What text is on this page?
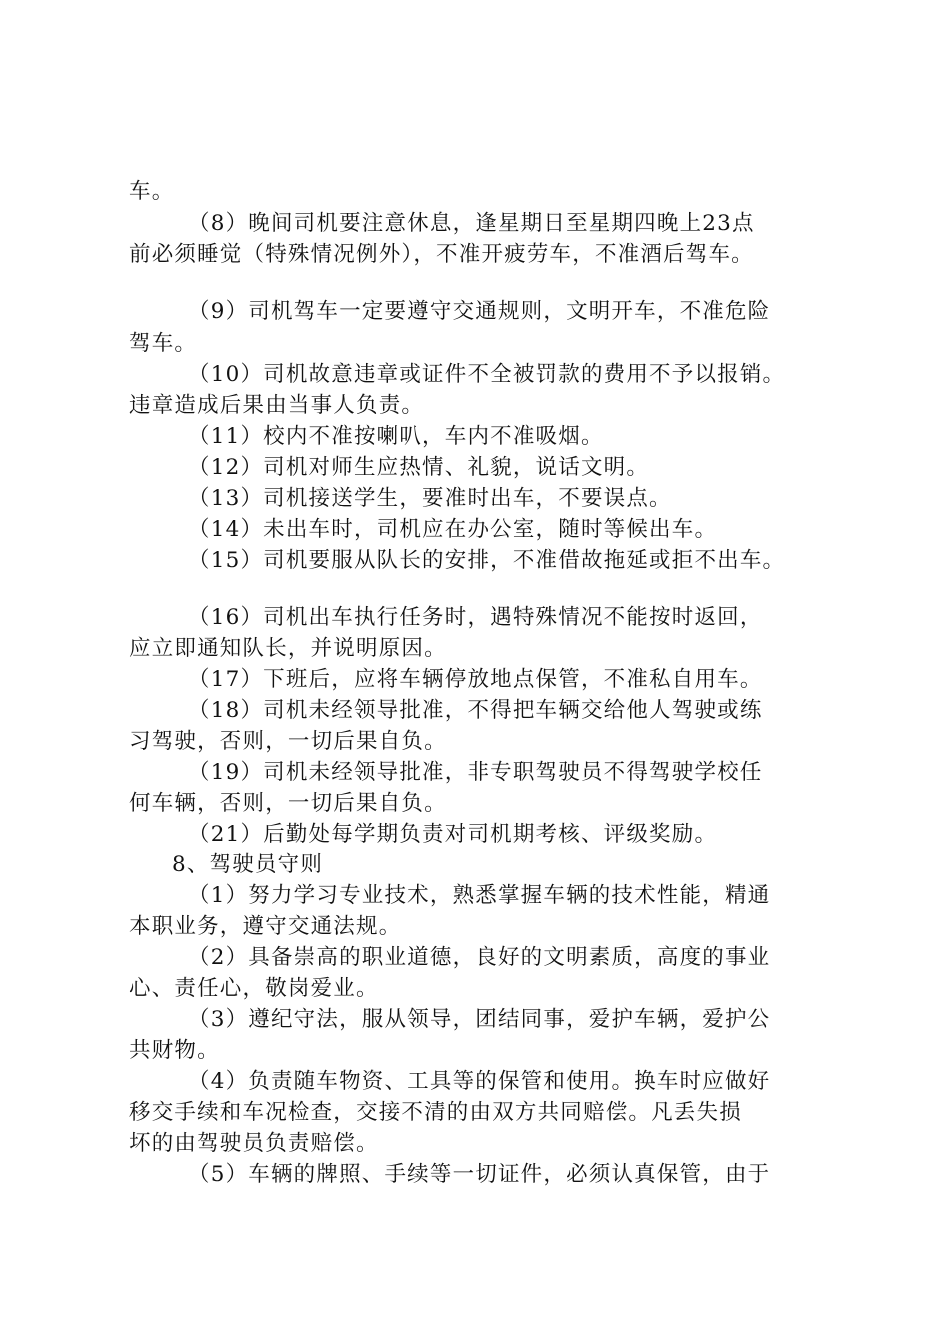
车。
（8）晚间司机要注意休息，逢星期日至星期四晚上23点
前必须睡觉（特殊情况例外），不准开疲劳车，不准酒后驾车。
（9）司机驾车一定要遵守交通规则，文明开车，不准危险
驾车。
（10）司机故意违章或证件不全被罚款的费用不予以报销。
违章造成后果由当事人负责。
（11）校内不准按喇叭，车内不准吸烟。
（12）司机对师生应热情、礼貌，说话文明。
（13）司机接送学生，要准时出车，不要误点。
（14）未出车时，司机应在办公室，随时等候出车。
（15）司机要服从队长的安排，不准借故拖延或拒不出车。
（16）司机出车执行任务时，遇特殊情况不能按时返回，
应立即通知队长，并说明原因。
（17）下班后，应将车辆停放地点保管，不准私自用车。
（18）司机未经领导批准，不得把车辆交给他人驾驶或练
习驾驶，否则，一切后果自负。
（19）司机未经领导批准，非专职驾驶员不得驾驶学校任
何车辆，否则，一切后果自负。
（21）后勤处每学期负责对司机期考核、评级奖励。
8、驾驶员守则
（1）努力学习专业技术，熟悉掌握车辆的技术性能，精通
本职业务，遵守交通法规。
（2）具备崇高的职业道德，良好的文明素质，高度的事业
心、责任心，敬岗爱业。
（3）遵纪守法，服从领导，团结同事，爱护车辆，爱护公
共财物。
（4）负责随车物资、工具等的保管和使用。换车时应做好
移交手续和车况检查，交接不清的由双方共同赔偿。凡丢失损
坏的由驾驶员负责赔偿。
（5）车辆的牌照、手续等一切证件，必须认真保管，由于
